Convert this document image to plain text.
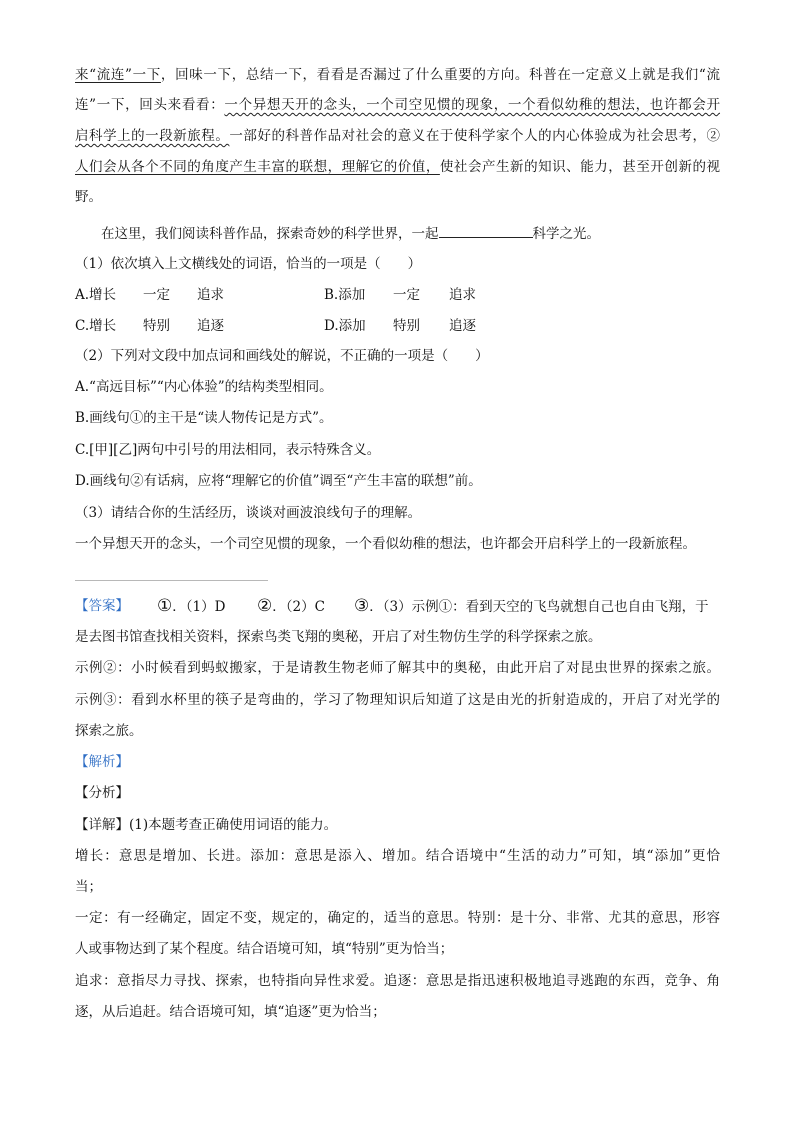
来“流连”一下，回味一下，总结一下，看看是否漏过了什么重要的方向。科普在一定意义上就是我们“流
连”一下，回头来看看：一个异想天开的念头，一个司空见惯的现象，一个看似幼稚的想法，也许都会开
启科学上的一段新旅程。一部好的科普作品对社会的意义在于使科学家个人的内心体验成为社会思考，②
人们会从各个不同的角度产生丰富的联想，理解它的价值，使社会产生新的知识、能力，甚至开创新的视
野。
在这里，我们阅读科普作品，探索奇妙的科学世界，一起	科学之光。
（1）依次填入上文横线处的词语，恰当的一项是（　　）
A.增长 一定 追求	B.添加 一定 追求
C.增长 特别 追逐	D.添加 特别 追逐
（2）下列对文段中加点词和画线处的解说，不正确的一项是（　　）
A.“高远目标”“内心体验”的结构类型相同。
B.画线句①的主干是“读人物传记是方式”。
C.[甲][乙]两句中引号的用法相同，表示特殊含义。
D.画线句②有话病，应将“理解它的价值”调至“产生丰富的联想”前。
（3）请结合你的生活经历，谈谈对画波浪线句子的理解。
一个异想天开的念头，一个司空见惯的现象，一个看似幼稚的想法，也许都会开启科学上的一段新旅程。
【答案】 ①．（1）D ②．（2）C ③．（3）示例①：看到天空的飞鸟就想自己也自由飞翔，于
是去图书馆查找相关资料，探索鸟类飞翔的奥秘，开启了对生物仿生学的科学探索之旅。
示例②：小时候看到蚂蚁搬家，于是请教生物老师了解其中的奥秘，由此开启了对昆虫世界的探索之旅。
示例③：看到水杯里的筷子是弯曲的，学习了物理知识后知道了这是由光的折射造成的，开启了对光学的
探索之旅。
【解析】
【分析】
【详解】(1)本题考查正确使用词语的能力。
增长：意思是增加、长进。添加：意思是添入、增加。结合语境中“生活的动力”可知，填“添加”更恰
当；
一定：有一经确定，固定不变，规定的，确定的，适当的意思。特别：是十分、非常、尤其的意思，形容
人或事物达到了某个程度。结合语境可知，填“特别”更为恰当；
追求：意指尽力寻找、探索，也特指向异性求爱。追逐：意思是指迅速积极地追寻逃跑的东西，竞争、角
逐，从后追赶。结合语境可知，填“追逐”更为恰当；
